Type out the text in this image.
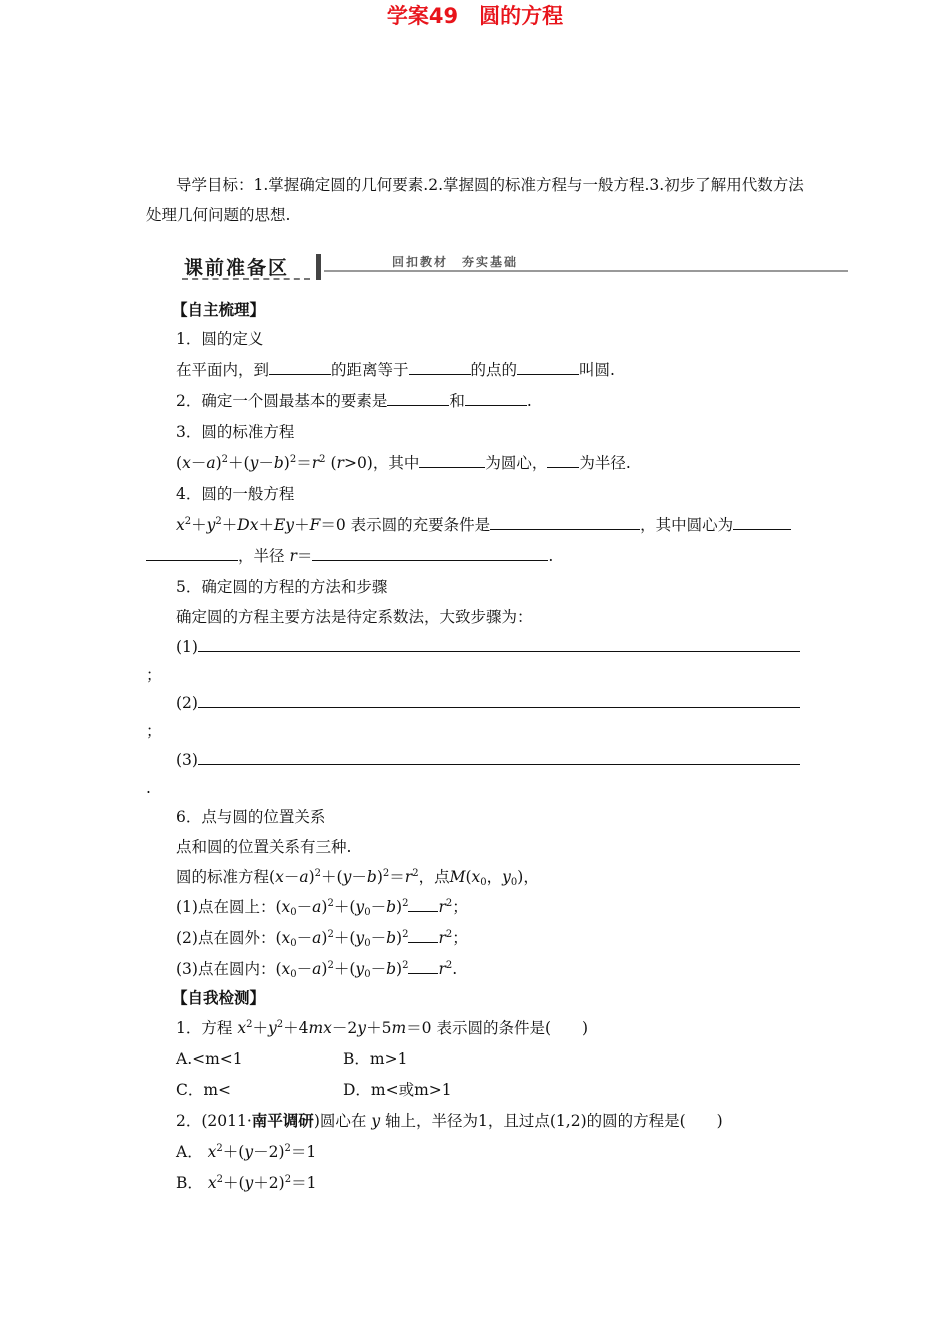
学案49　圆的方程
导学目标：1.掌握确定圆的几何要素.2.掌握圆的标准方程与一般方程.3.初步了解用代数方法处理几何问题的思想.
课前准备区	回扣教材　夯实基础
【自主梳理】
1．圆的定义
在平面内，到	的距离等于	的点的	叫圆.
2．确定一个圆最基本的要素是	和	.
3．圆的标准方程
$(x-a)^2+(y-b)^2=r^2$ (r>0)，其中	为圆心， 为半径.
4．圆的一般方程
$x^2+y^2+Dx+Ey+F=0$ 表示圆的充要条件是	，其中圆心为
，半径 r＝	.
5．确定圆的方程的方法和步骤
确定圆的方程主要方法是待定系数法，大致步骤为：
(1)
；
(2)
；
(3)
.
6．点与圆的位置关系
点和圆的位置关系有三种.
圆的标准方程$(x-a)^2+(y-b)^2=r^2$，点$M(x_0$，$y_0$)，
(1)点在圆上：$(x_0-a)^2+(y_0-b)^2$ $r^2$；
(2)点在圆外：$(x_0-a)^2+(y_0-b)^2$ $r^2$；
(3)点在圆内：$(x_0-a)^2+(y_0-b)^2$ $r^2$.
【自我检测】
1．方程 $x^2+y^2+4mx-2y+5m=0$ 表示圆的条件是(　　)
A.<m<1	B．m>1
C．m<	D．m<或m>1
2．(2011·南平调研)圆心在 y 轴上，半径为1，且过点(1,2)的圆的方程是(　　)
A． $x^2+(y-2)^2=1$
B． $x^2+(y+2)^2=1$
